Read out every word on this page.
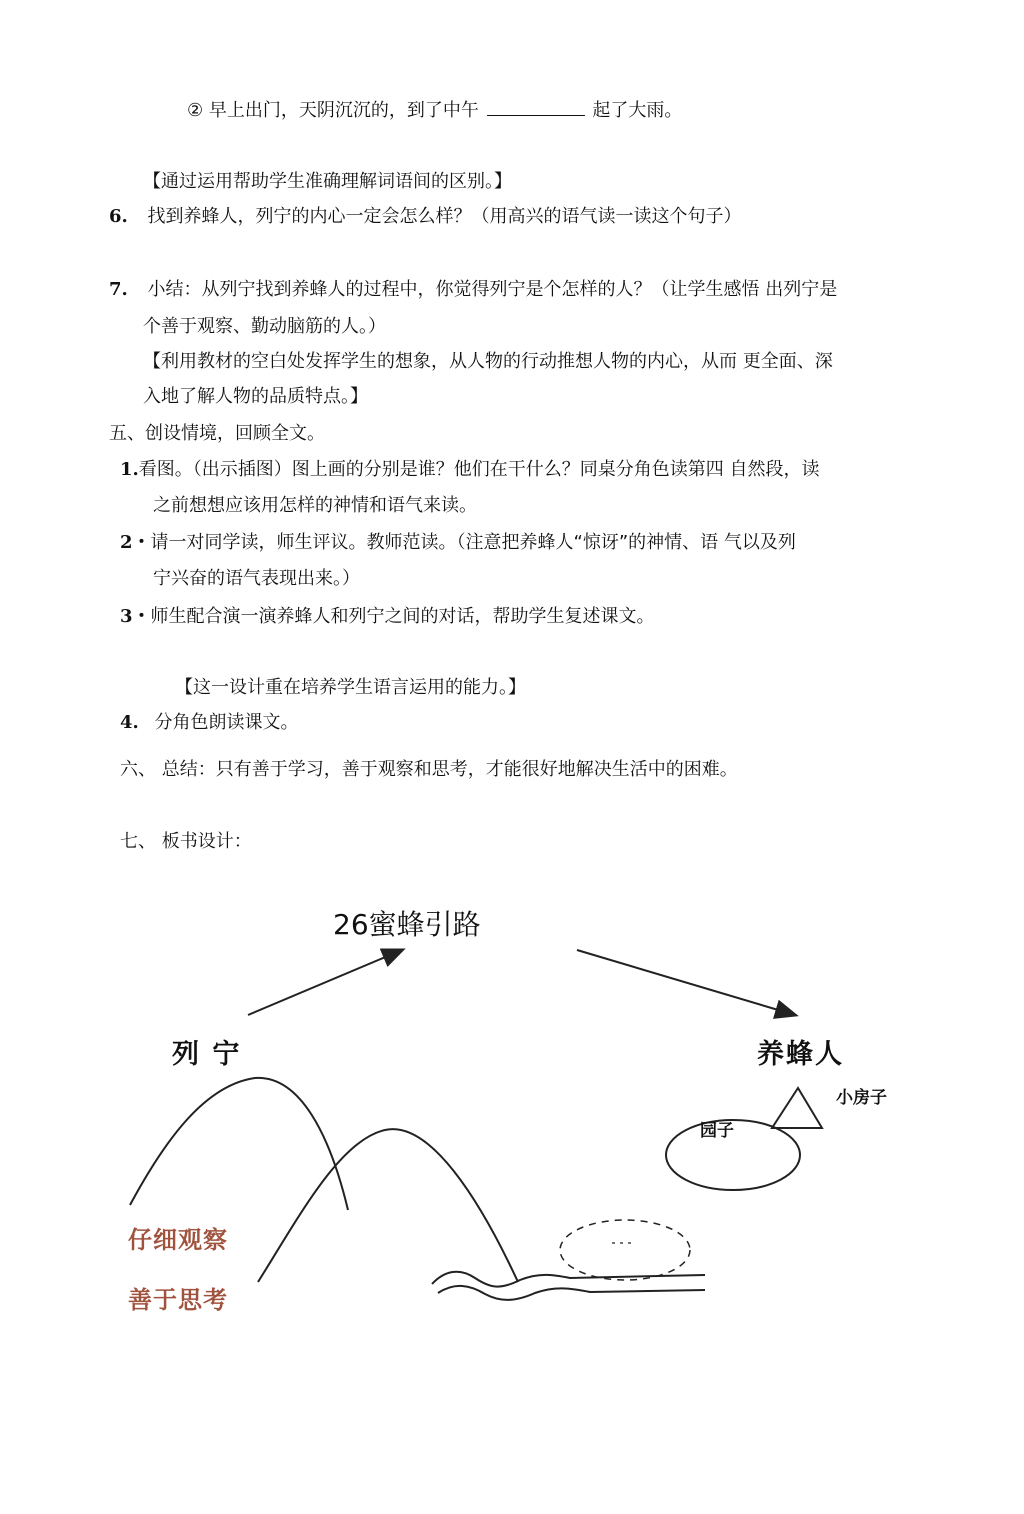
② 早上出门，天阴沉沉的，到了中午	起了大雨。
【通过运用帮助学生准确理解词语间的区别。】
6. 找到养蜂人，列宁的内心一定会怎么样？（用高兴的语气读一读这个句子）
7. 小结：从列宁找到养蜂人的过程中，你觉得列宁是个怎样的人？（让学生感悟 出列宁是
个善于观察、勤动脑筋的人。）
【利用教材的空白处发挥学生的想象，从人物的行动推想人物的内心，从而 更全面、深
入地了解人物的品质特点。】
五、创设情境，回顾全文。
1.看图。（出示插图）图上画的分别是谁？他们在干什么？同桌分角色读第四 自然段，读
之前想想应该用怎样的神情和语气来读。
2・请一对同学读，师生评议。教师范读。（注意把养蜂人“惊讶”的神情、语 气以及列
宁兴奋的语气表现出来。）
3・师生配合演一演养蜂人和列宁之间的对话，帮助学生复述课文。
【这一设计重在培养学生语言运用的能力。】
4. 分角色朗读课文。
六、 总结：只有善于学习，善于观察和思考，才能很好地解决生活中的困难。
七、 板书设计：
26蜜蜂引路
列 宁	养蜂人
小房子
园子
仔细观察
善于思考
